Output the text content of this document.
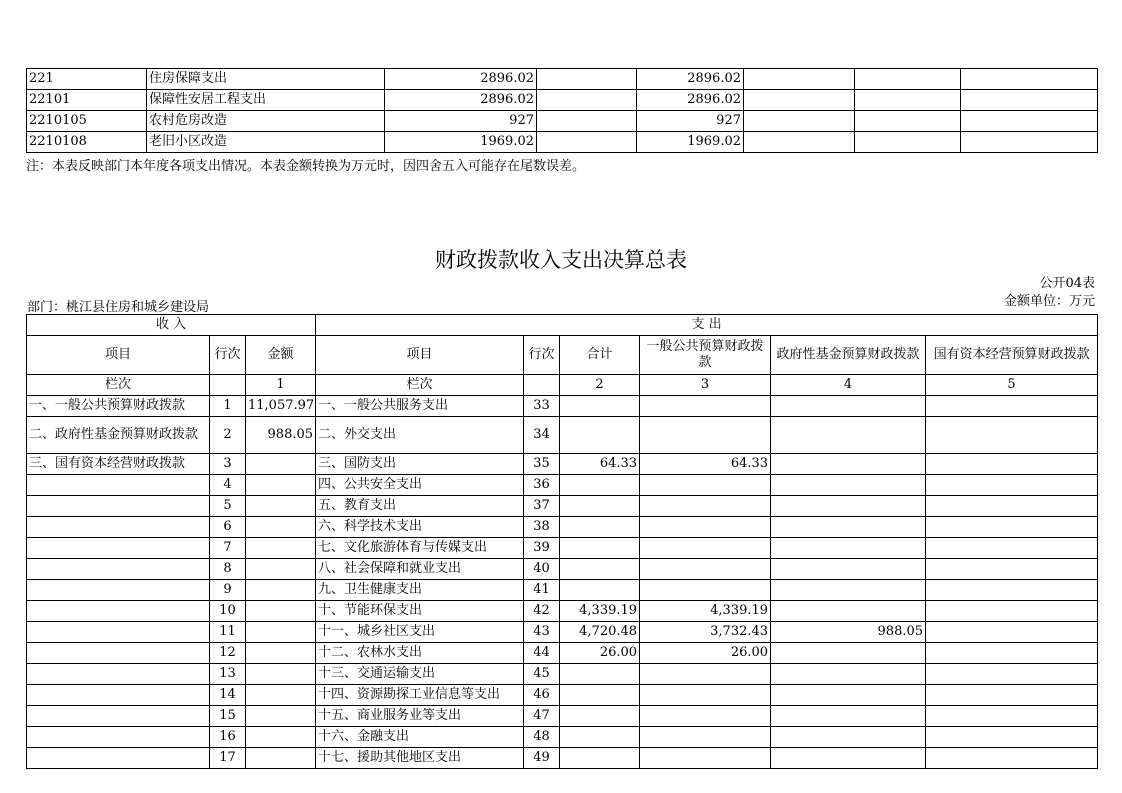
221	住房保障支出	2896.02		2896.02			
22101	保障性安居工程支出	2896.02		2896.02			
2210105	农村危房改造	927		927			
2210108	老旧小区改造	1969.02		1969.02			
注：本表反映部门本年度各项支出情况。本表金额转换为万元时，因四舍五入可能存在尾数误差。
财政拨款收入支出决算总表
公开04表
金额单位：万元
部门：桃江县住房和城乡建设局
收 入			支 出					
项目	行次	金额	项目	行次	合计	一般公共预算财政拨 款	政府性基金预算财政拨款	国有资本经营预算财政拨款
栏次		1	栏次		2	3	4	5
一、一般公共预算财政拨款	1	11,057.97	一、一般公共服务支出	33				
二、政府性基金预算财政拨款	2	988.05	二、外交支出	34				
三、国有资本经营财政拨款	3		三、国防支出	35	64.33	64.33		
	4		四、公共安全支出	36				
	5		五、教育支出	37				
	6		六、科学技术支出	38				
	7		七、文化旅游体育与传媒支出	39				
	8		八、社会保障和就业支出	40				
	9		九、卫生健康支出	41				
	10		十、节能环保支出	42	4,339.19	4,339.19		
	11		十一、城乡社区支出	43	4,720.48	3,732.43	988.05	
	12		十二、农林水支出	44	26.00	26.00		
	13		十三、交通运输支出	45				
	14		十四、资源勘探工业信息等支出	46				
	15		十五、商业服务业等支出	47				
	16		十六、金融支出	48				
	17		十七、援助其他地区支出	49				
